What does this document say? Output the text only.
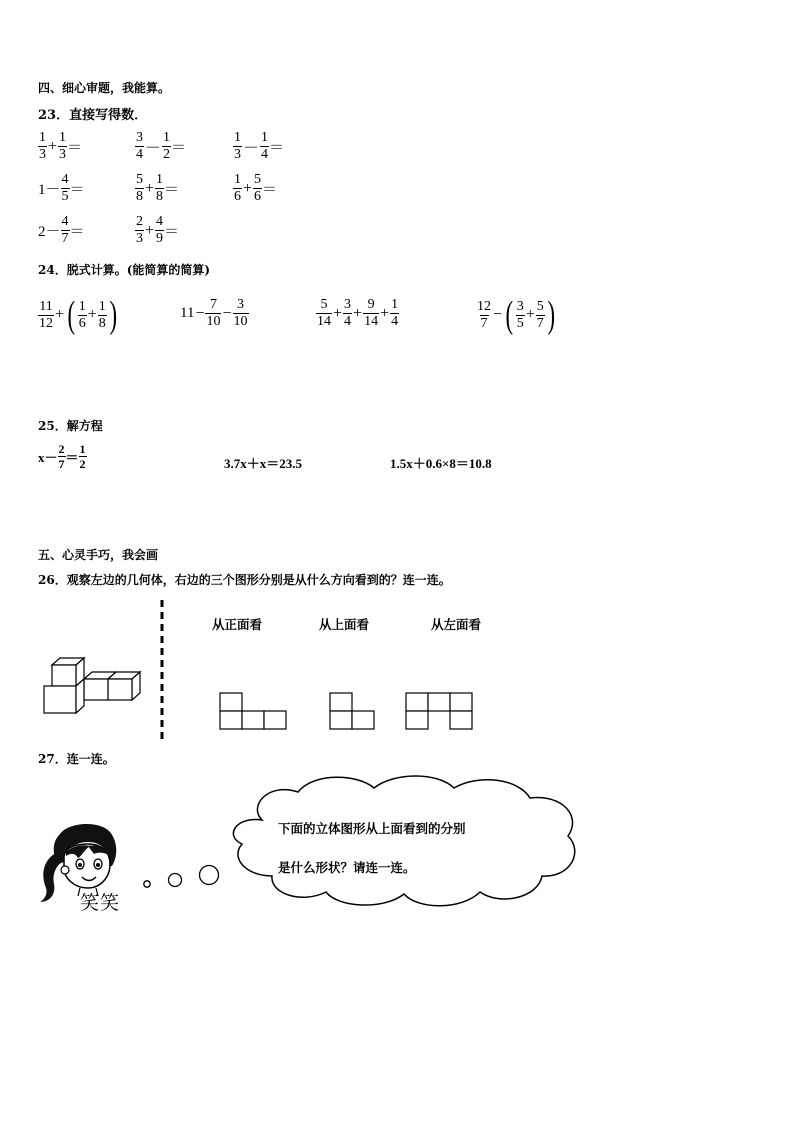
四、细心审题，我能算。
23．直接写得数．
$\frac{1}{3} + \frac{1}{3}$ ＝	$\frac{3}{4} - \frac{1}{2}$ ＝	$\frac{1}{3} - \frac{1}{4}$ ＝
$1- \frac{4}{5}$ ＝	$\frac{5}{8} + \frac{1}{8}$ ＝	$\frac{1}{6} + \frac{5}{6}$ ＝
$2- \frac{4}{7}$ ＝	$\frac{2}{3} + \frac{4}{9}$ ＝
24．脱式计算。(能简算的简算)
$\frac{11}{12}$ + ( $\frac{1}{6} + \frac{1}{8}$ )	$11 - \frac{7}{10} - \frac{3}{10}$	$\frac{5}{14} + \frac{3}{4} + \frac{9}{14} + \frac{1}{4}$	$\frac{12}{7}$ − ( $\frac{3}{5} + \frac{5}{7}$ )
25．解方程
$x- \frac{2}{7} = \frac{1}{2}$	3.7x＋x＝23.5	1.5x＋0.6×8＝10.8
五、心灵手巧，我会画
26．观察左边的几何体，右边的三个图形分别是从什么方向看到的？连一连。
从正面看	从上面看	从左面看
27．连一连。
笑笑
下面的立体图形从上面看到的分别
是什么形状？请连一连。
